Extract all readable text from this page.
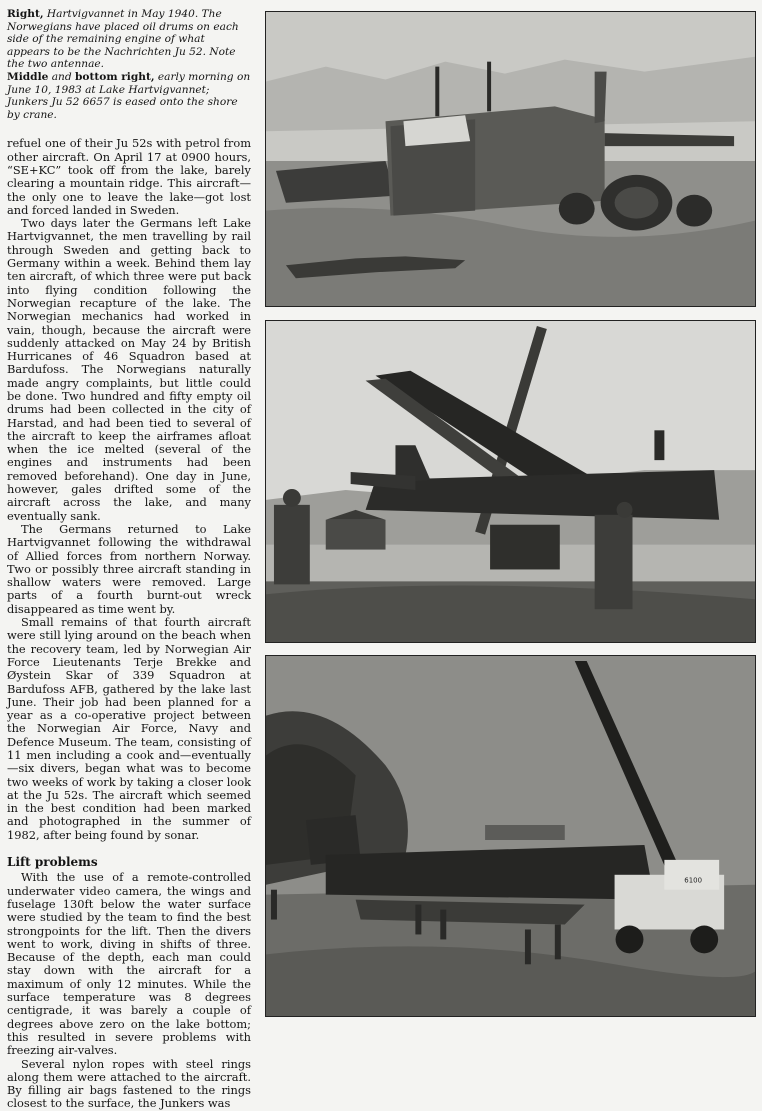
Right, Hartvigvannet in May 1940. The Norwegians have placed oil drums on each side of the remaining engine of what appears to be the Nachrichten Ju 52. Note the two antennae.
Middle and bottom right, early morning on June 10, 1983 at Lake Hartvigvannet; Junkers Ju 52 6657 is eased onto the shore by crane.

refuel one of their Ju 52s with petrol from other aircraft. On April 17 at 0900 hours, “SE+KC” took off from the lake, barely clearing a mountain ridge. This aircraft—the only one to leave the lake—got lost and forced landed in Sweden.

Two days later the Germans left Lake Hartvigvannet, the men travelling by rail through Sweden and getting back to Germany within a week. Behind them lay ten aircraft, of which three were put back into flying condition following the Norwegian recapture of the lake. The Norwegian mechanics had worked in vain, though, because the aircraft were suddenly attacked on May 24 by British Hurricanes of 46 Squadron based at Bardufoss. The Norwegians naturally made angry complaints, but little could be done. Two hundred and fifty empty oil drums had been collected in the city of Harstad, and had been tied to several of the aircraft to keep the airframes afloat when the ice melted (several of the engines and instruments had been removed beforehand). One day in June, however, gales drifted some of the aircraft across the lake, and many eventually sank.

The Germans returned to Lake Hartvigvannet following the withdrawal of Allied forces from northern Norway. Two or possibly three aircraft standing in shallow waters were removed. Large parts of a fourth burnt-out wreck disappeared as time went by.

Small remains of that fourth aircraft were still lying around on the beach when the recovery team, led by Norwegian Air Force Lieutenants Terje Brekke and Øystein Skar of 339 Squadron at Bardufoss AFB, gathered by the lake last June. Their job had been planned for a year as a co-operative project between the Norwegian Air Force, Navy and Defence Museum. The team, consisting of 11 men including a cook and—eventually—six divers, began what was to become two weeks of work by taking a closer look at the Ju 52s. The aircraft which seemed in the best condition had been marked and photographed in the summer of 1982, after being found by sonar.

Lift problems

With the use of a remote-controlled underwater video camera, the wings and fuselage 130ft below the water surface were studied by the team to find the best strongpoints for the lift. Then the divers went to work, diving in shifts of three. Because of the depth, each man could stay down with the aircraft for a maximum of only 12 minutes. While the surface temperature was 8 degrees centigrade, it was barely a couple of degrees above zero on the lake bottom; this resulted in severe problems with freezing air-valves.

Several nylon ropes with steel rings along them were attached to the aircraft. By filling air bags fastened to the rings closest to the surface, the Junkers was

6100
